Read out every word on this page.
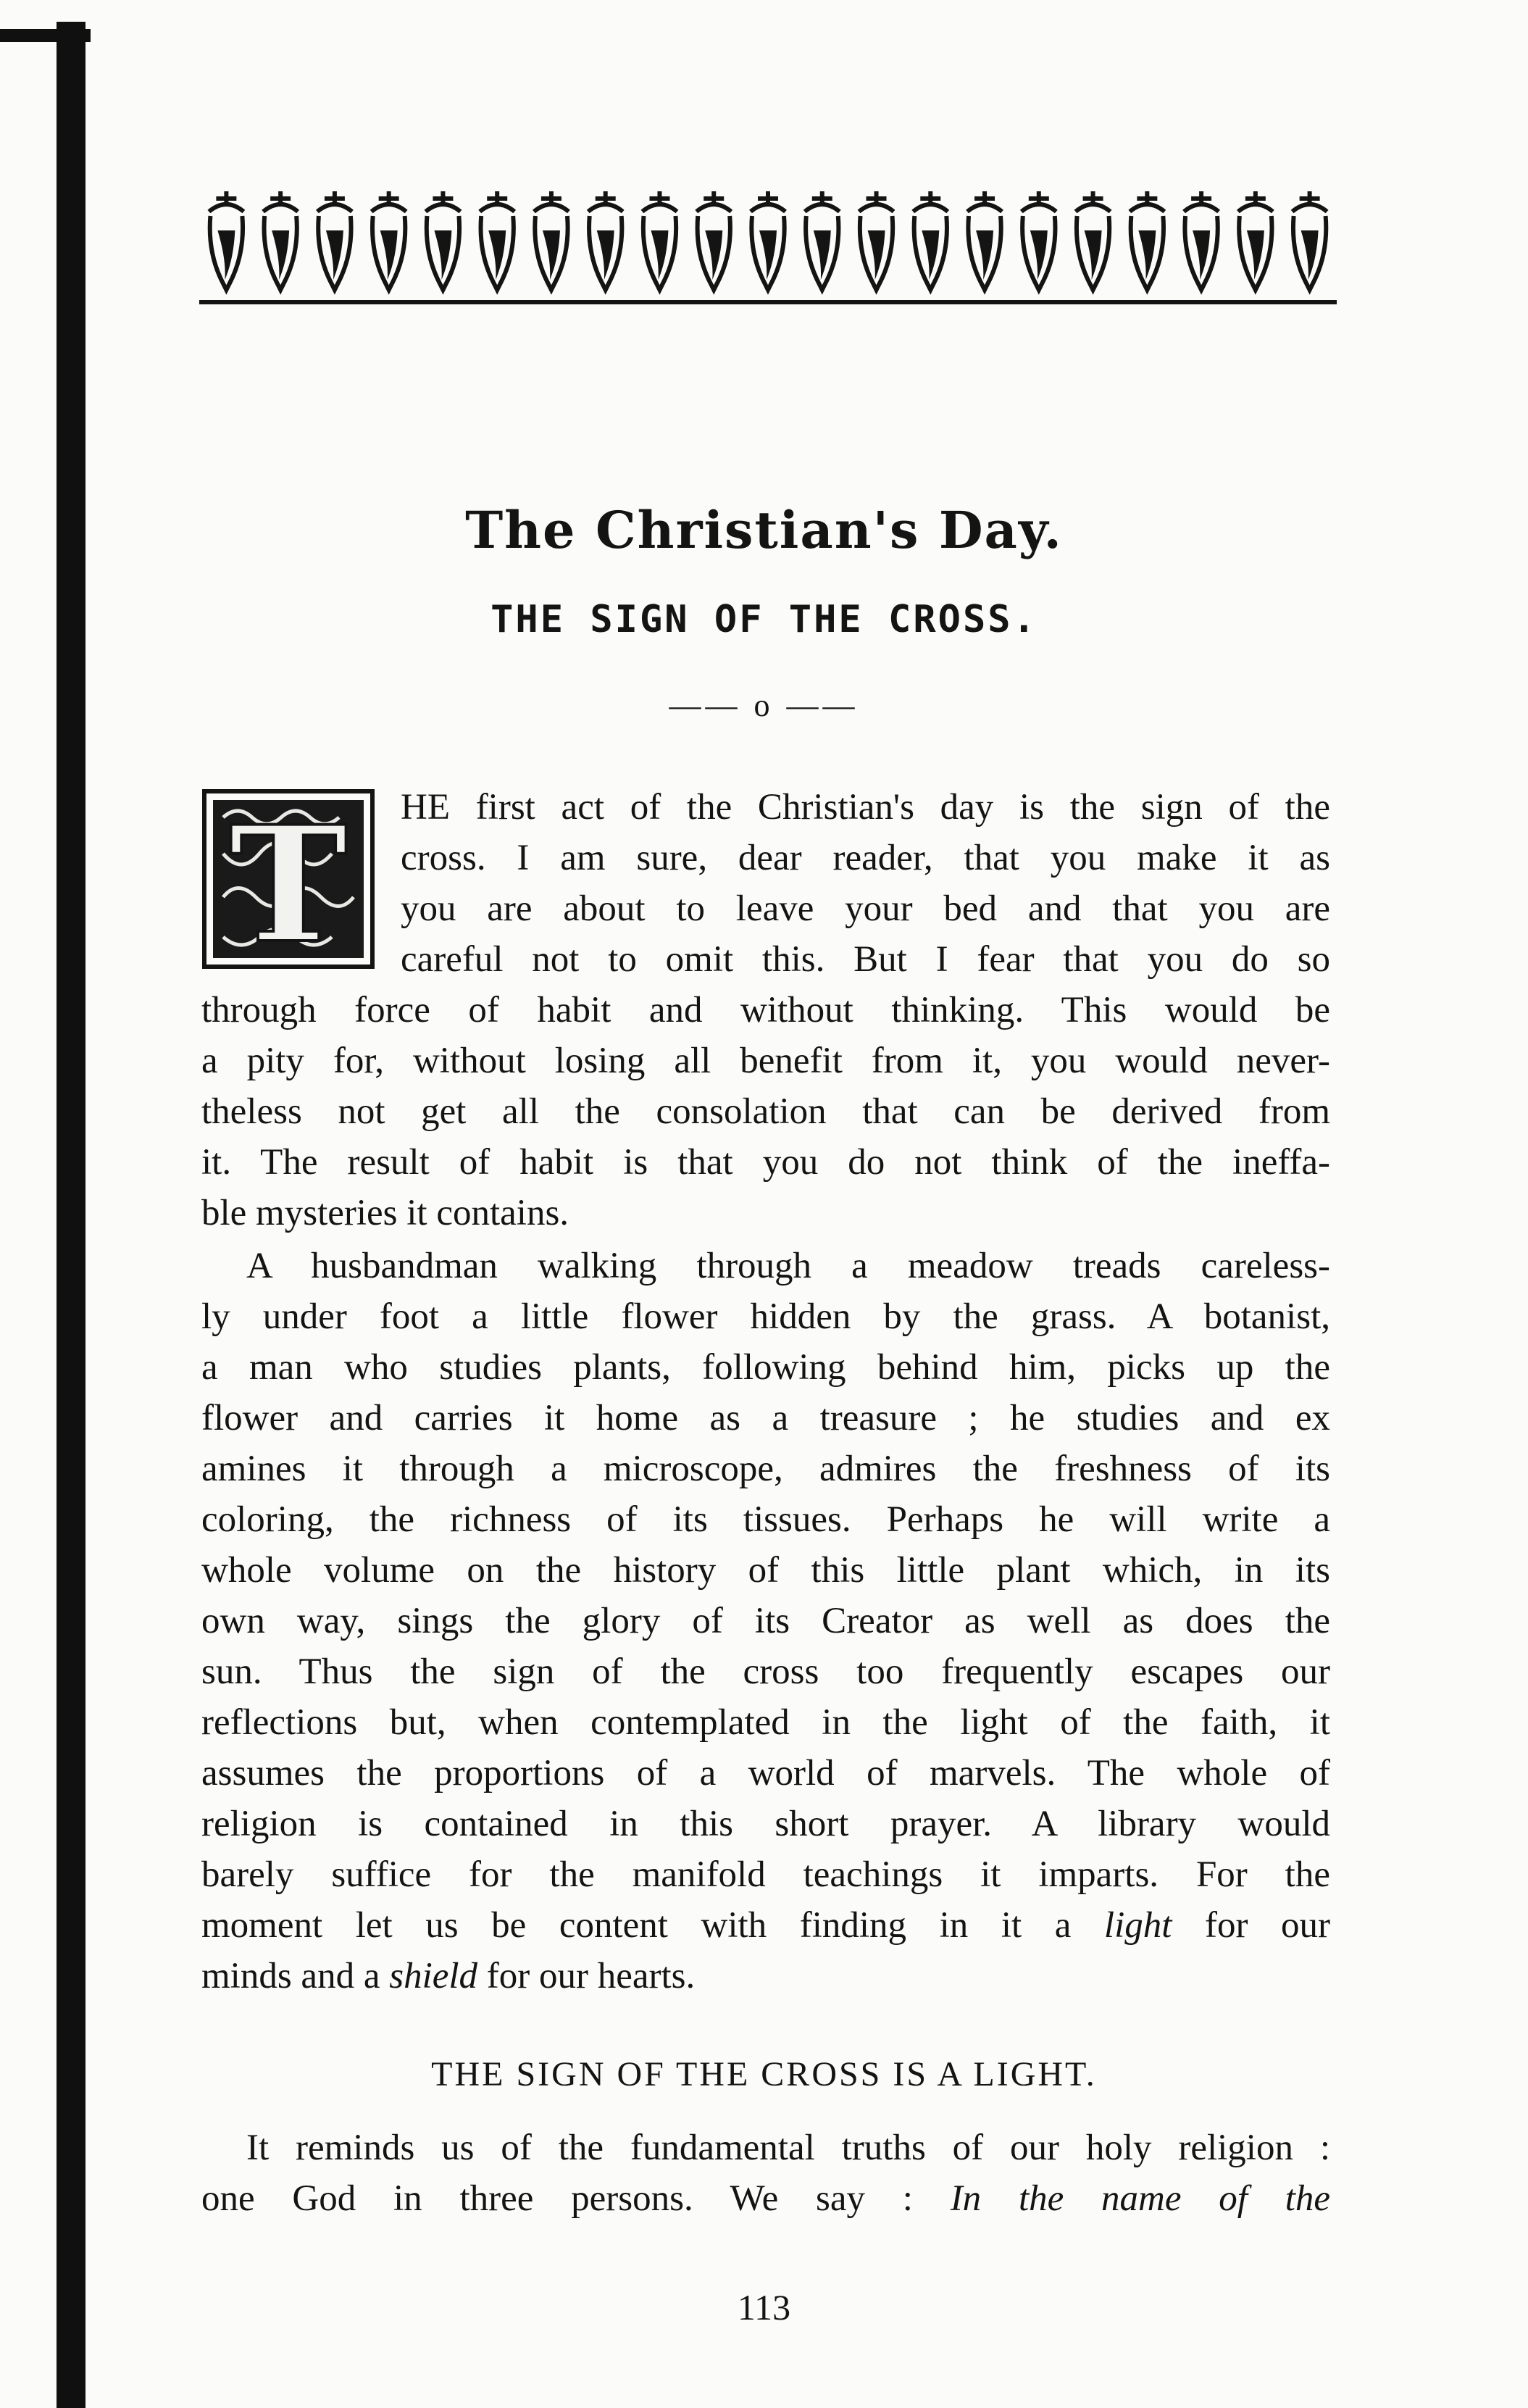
The Christian's Day.
THE SIGN OF THE CROSS.
—— o ——
T HE first act of the Christian's day is the sign of the
cross. I am sure, dear reader, that you make it as
you are about to leave your bed and that you are
careful not to omit this. But I fear that you do so
through force of habit and without thinking. This would be
a pity for, without losing all benefit from it, you would never-
theless not get all the consolation that can be derived from
it. The result of habit is that you do not think of the ineffa-
ble mysteries it contains.
A husbandman walking through a meadow treads careless-
ly under foot a little flower hidden by the grass. A botanist,
a man who studies plants, following behind him, picks up the
flower and carries it home as a treasure ; he studies and ex
amines it through a microscope, admires the freshness of its
coloring, the richness of its tissues. Perhaps he will write a
whole volume on the history of this little plant which, in its
own way, sings the glory of its Creator as well as does the
sun. Thus the sign of the cross too frequently escapes our
reflections but, when contemplated in the light of the faith, it
assumes the proportions of a world of marvels. The whole of
religion is contained in this short prayer. A library would
barely suffice for the manifold teachings it imparts. For the
moment let us be content with finding in it a light for our
minds and a shield for our hearts.
THE SIGN OF THE CROSS IS A LIGHT.
It reminds us of the fundamental truths of our holy religion :
one God in three persons. We say : In the name of the
113
